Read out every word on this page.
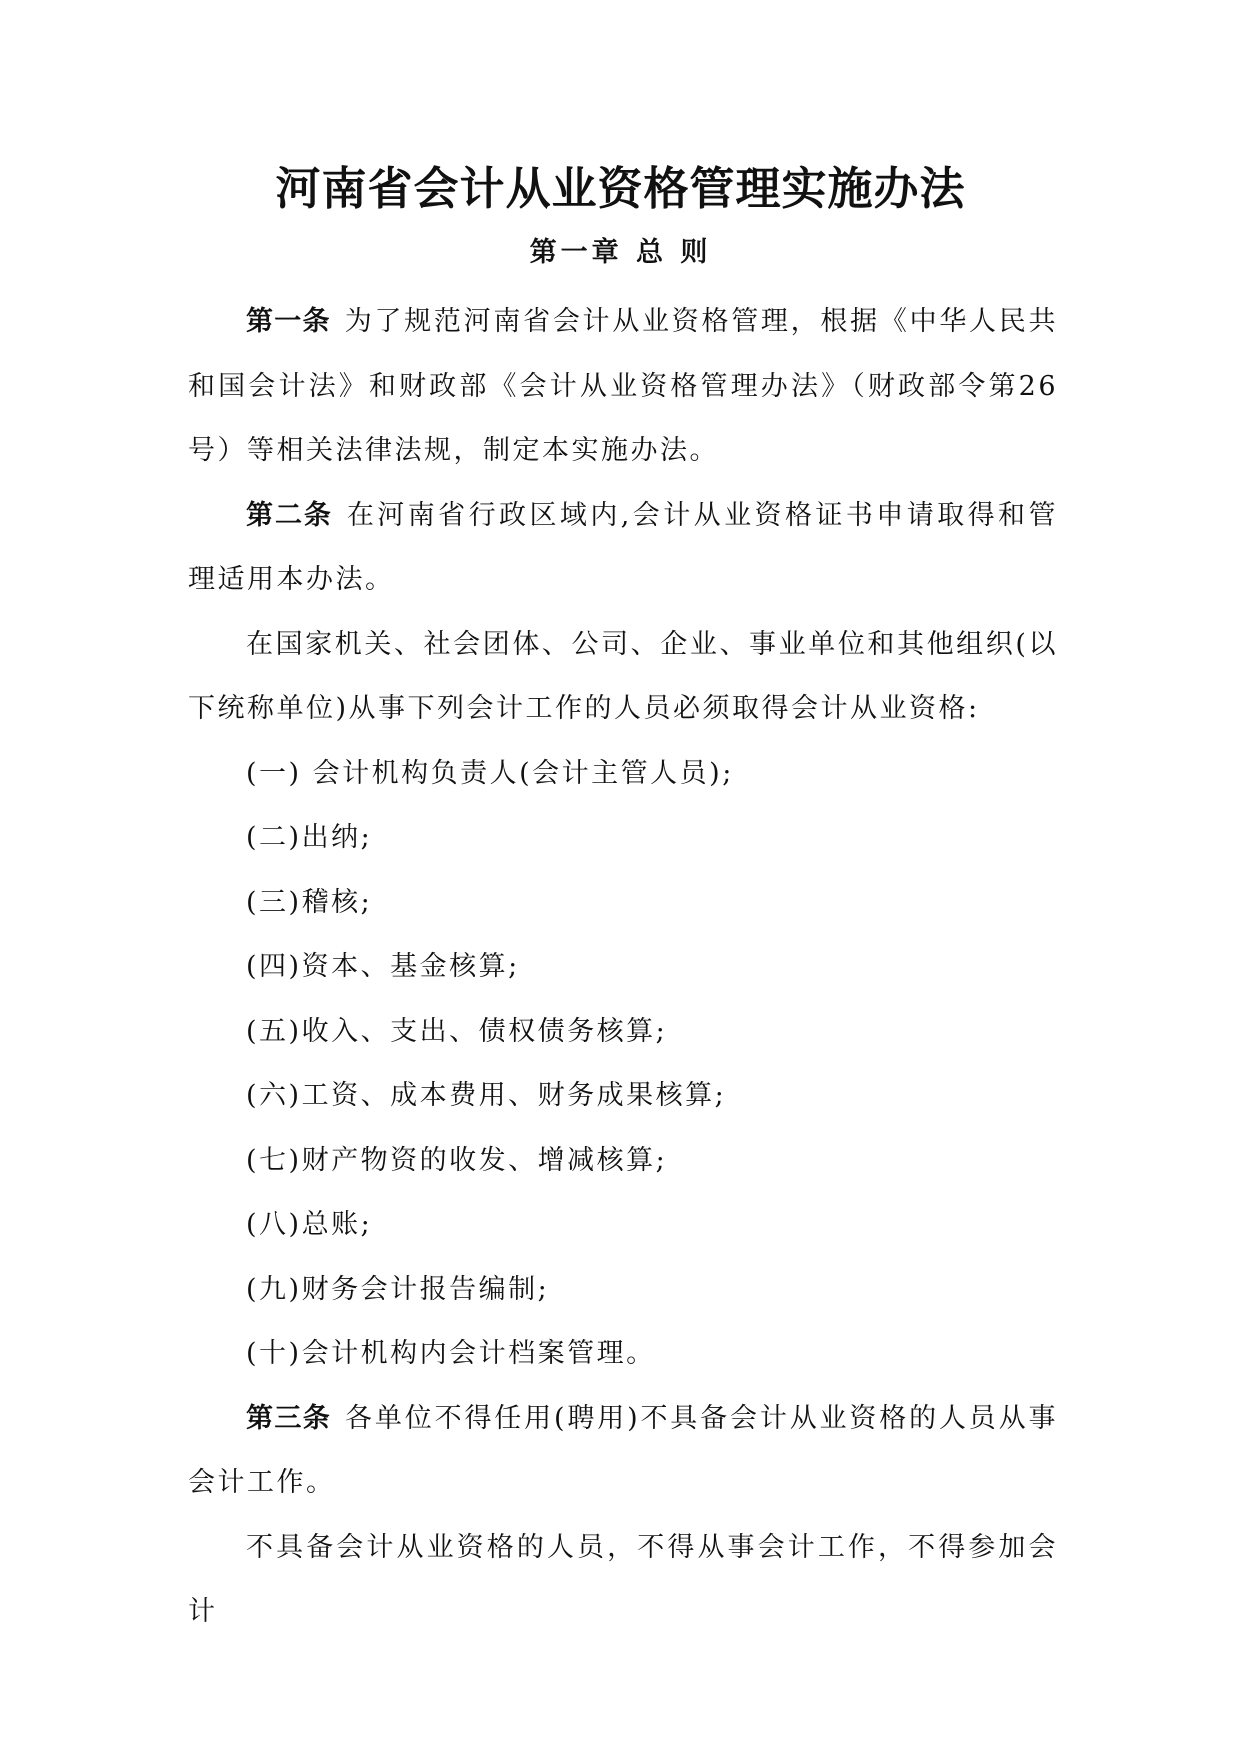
河南省会计从业资格管理实施办法
第一章 总 则

第一条 为了规范河南省会计从业资格管理，根据《中华人民共和国会计法》和财政部《会计从业资格管理办法》（财政部令第26号）等相关法律法规，制定本实施办法。

第二条 在河南省行政区域内,会计从业资格证书申请取得和管理适用本办法。

在国家机关、社会团体、公司、企业、事业单位和其他组织(以下统称单位)从事下列会计工作的人员必须取得会计从业资格:

(一) 会计机构负责人(会计主管人员);

(二)出纳;

(三)稽核;

(四)资本、基金核算;

(五)收入、支出、债权债务核算;

(六)工资、成本费用、财务成果核算;

(七)财产物资的收发、增减核算;

(八)总账;

(九)财务会计报告编制;

(十)会计机构内会计档案管理。

第三条 各单位不得任用(聘用)不具备会计从业资格的人员从事会计工作。

不具备会计从业资格的人员，不得从事会计工作，不得参加会计
